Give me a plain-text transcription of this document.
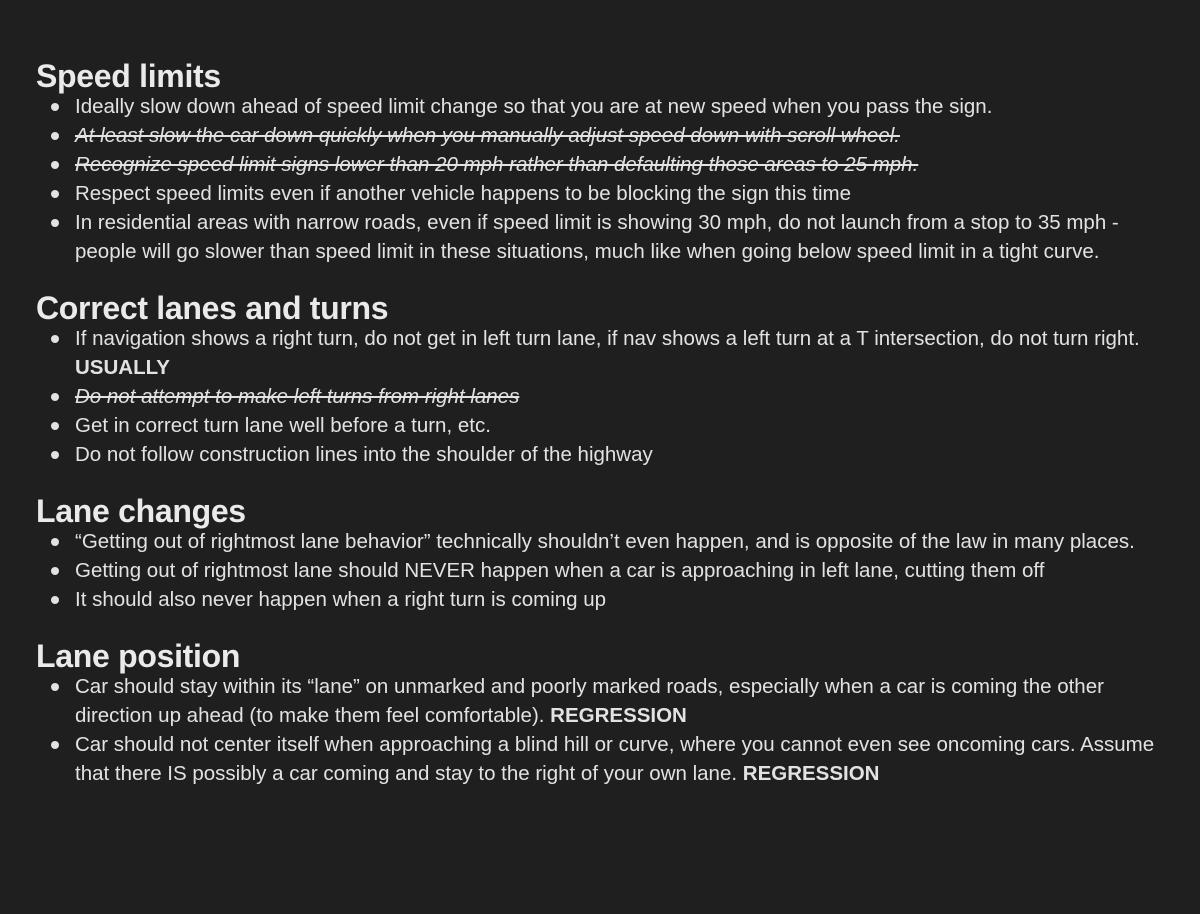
Speed limits
Ideally slow down ahead of speed limit change so that you are at new speed when you pass the sign.
At least slow the car down quickly when you manually adjust speed down with scroll wheel.
Recognize speed limit signs lower than 20 mph rather than defaulting those areas to 25 mph.
Respect speed limits even if another vehicle happens to be blocking the sign this time
In residential areas with narrow roads, even if speed limit is showing 30 mph, do not launch from a stop to 35 mph - people will go slower than speed limit in these situations, much like when going below speed limit in a tight curve.
Correct lanes and turns
If navigation shows a right turn, do not get in left turn lane, if nav shows a left turn at a T intersection, do not turn right. USUALLY
Do not attempt to make left turns from right lanes
Get in correct turn lane well before a turn, etc.
Do not follow construction lines into the shoulder of the highway
Lane changes
“Getting out of rightmost lane behavior” technically shouldn’t even happen, and is opposite of the law in many places.
Getting out of rightmost lane should NEVER happen when a car is approaching in left lane, cutting them off
It should also never happen when a right turn is coming up
Lane position
Car should stay within its “lane” on unmarked and poorly marked roads, especially when a car is coming the other direction up ahead (to make them feel comfortable). REGRESSION
Car should not center itself when approaching a blind hill or curve, where you cannot even see oncoming cars. Assume that there IS possibly a car coming and stay to the right of your own lane. REGRESSION
